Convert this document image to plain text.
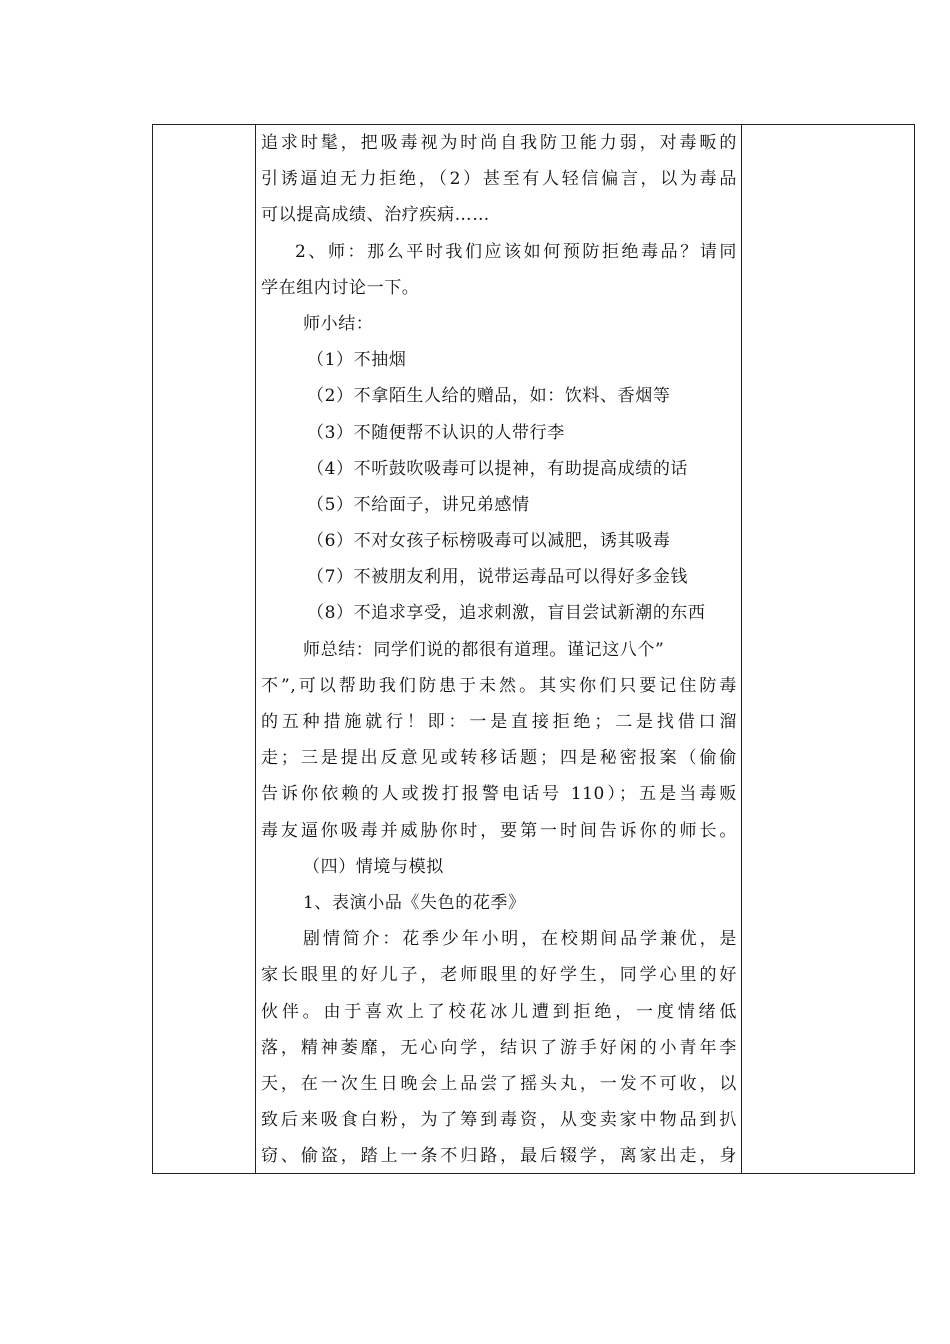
追求时髦，把吸毒视为时尚自我防卫能力弱，对毒畈的
引诱逼迫无力拒绝，（2）甚至有人轻信偏言，以为毒品
可以提高成绩、治疗疾病……
2、师：那么平时我们应该如何预防拒绝毒品？请同
学在组内讨论一下。
师小结：
（1）不抽烟
（2）不拿陌生人给的赠品，如：饮料、香烟等
（3）不随便帮不认识的人带行李
（4）不听鼓吹吸毒可以提神，有助提高成绩的话
（5）不给面子，讲兄弟感情
（6）不对女孩子标榜吸毒可以减肥，诱其吸毒
（7）不被朋友利用，说带运毒品可以得好多金钱
（8）不追求享受，追求刺激，盲目尝试新潮的东西
师总结：同学们说的都很有道理。谨记这八个”
不”,可以帮助我们防患于未然。其实你们只要记住防毒
的五种措施就行！即：一是直接拒绝；二是找借口溜
走；三是提出反意见或转移话题；四是秘密报案（偷偷
告诉你依赖的人或拨打报警电话号 110）；五是当毒贩
毒友逼你吸毒并威胁你时，要第一时间告诉你的师长。
（四）情境与模拟
1、表演小品《失色的花季》
剧情简介：花季少年小明，在校期间品学兼优，是
家长眼里的好儿子，老师眼里的好学生，同学心里的好
伙伴。由于喜欢上了校花冰儿遭到拒绝，一度情绪低
落，精神萎靡，无心向学，结识了游手好闲的小青年李
天，在一次生日晚会上品尝了摇头丸，一发不可收，以
致后来吸食白粉，为了筹到毒资，从变卖家中物品到扒
窃、偷盗，踏上一条不归路，最后辍学，离家出走，身
